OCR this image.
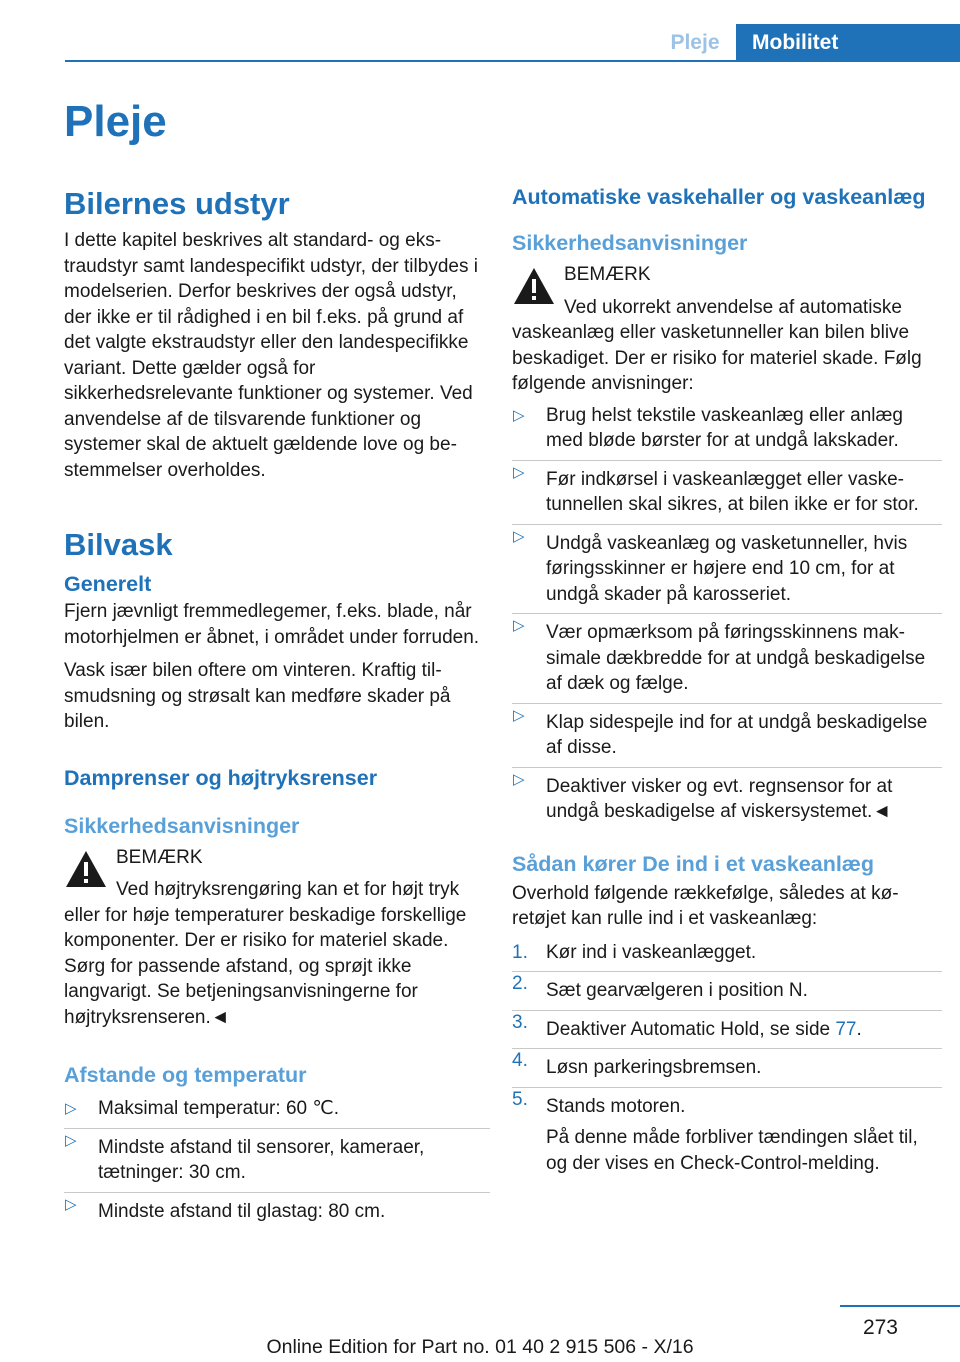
Pleje	Mobilitet
Pleje
Bilernes udstyr

I dette kapitel beskrives alt standard- og ekstraudstyr samt landespecifikt udstyr, der tilbydes i modelserien. Derfor beskrives der også udstyr, der ikke er til rådighed i en bil f.eks. på grund af det valgte ekstraudstyr eller den landespecifikke variant. Dette gælder også for sikkerhedsrelevante funktioner og systemer. Ved anvendelse af de tilsvarende funktioner og systemer skal de aktuelt gældende love og bestemmelser overholdes.

Bilvask
Generelt

Fjern jævnligt fremmedlegemer, f.eks. blade, når motorhjelmen er åbnet, i området under forruden.

Vask især bilen oftere om vinteren. Kraftig tilsmudsning og strøsalt kan medføre skader på bilen.

Damprenser og højtryksrenser
Sikkerhedsanvisninger
BEMÆRK

Ved højtryksrengøring kan et for højt tryk eller for høje temperaturer beskadige forskellige komponenter. Der er risiko for materiel skade. Sørg for passende afstand, og sprøjt ikke langvarigt. Se betjeningsanvisningerne for højtryksrenseren.◄

Afstande og temperatur
▷ Maksimal temperatur: 60 ℃.
▷ Mindste afstand til sensorer, kameraer, tætninger: 30 cm.
▷ Mindste afstand til glastag: 80 cm.
Automatiske vaskehaller og vaskeanlæg
Sikkerhedsanvisninger
BEMÆRK

Ved ukorrekt anvendelse af automatiske vaskeanlæg eller vasketunneller kan bilen blive beskadiget. Der er risiko for materiel skade. Følg følgende anvisninger:

▷ Brug helst tekstile vaskeanlæg eller anlæg med bløde børster for at undgå lakskader.
▷ Før indkørsel i vaskeanlægget eller vasketunnellen skal sikres, at bilen ikke er for stor.
▷ Undgå vaskeanlæg og vasketunneller, hvis føringsskinner er højere end 10 cm, for at undgå skader på karosseriet.
▷ Vær opmærksom på føringsskinnens maksimale dækbredde for at undgå beskadigelse af dæk og fælge.
▷ Klap sidespejle ind for at undgå beskadigelse af disse.
▷ Deaktiver visker og evt. regnsensor for at undgå beskadigelse af viskersystemet.◄
Sådan kører De ind i et vaskeanlæg

Overhold følgende rækkefølge, således at køretøjet kan rulle ind i et vaskeanlæg:

1. Kør ind i vaskeanlægget.
2. Sæt gearvælgeren i position N.
3. Deaktiver Automatic Hold, se side 77.
4. Løsn parkeringsbremsen.
5. Stands motoren.
På denne måde forbliver tændingen slået til, og der vises en Check-Control-melding.
273
Online Edition for Part no. 01 40 2 915 506 - X/16
